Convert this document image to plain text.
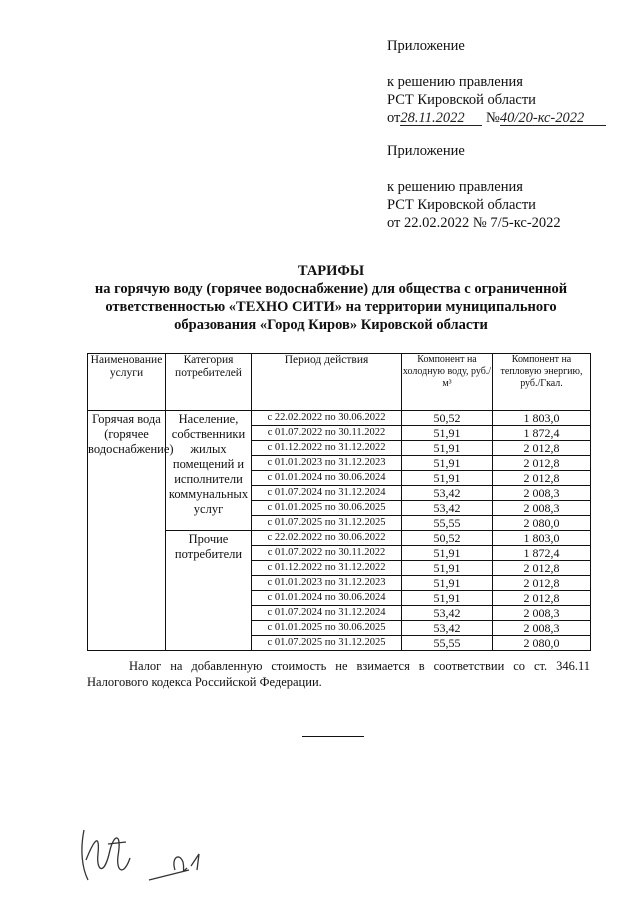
Приложение
к решению правления
РСТ Кировской области
от28.11.2022 №40/20-кс-2022
Приложение
к решению правления
РСТ Кировской области
от 22.02.2022 № 7/5-кс-2022
ТАРИФЫ
на горячую воду (горячее водоснабжение) для общества с ограниченной
ответственностью «ТЕХНО СИТИ» на территории муниципального
образования «Город Киров» Кировской области
Наименование услуги	Категория потребителей	Период действия	Компонент на холодную воду, руб./м³	Компонент на тепловую энергию, руб./Гкал.
Горячая вода (горячее водоснабжение)	Население, собственники жилых помещений и исполнители коммунальных услуг	с 22.02.2022 по 30.06.2022	50,52	1 803,0
		с 01.07.2022 по 30.11.2022	51,91	1 872,4
		с 01.12.2022 по 31.12.2022	51,91	2 012,8
		с 01.01.2023 по 31.12.2023	51,91	2 012,8
		с 01.01.2024 по 30.06.2024	51,91	2 012,8
		с 01.07.2024 по 31.12.2024	53,42	2 008,3
		с 01.01.2025 по 30.06.2025	53,42	2 008,3
		с 01.07.2025 по 31.12.2025	55,55	2 080,0
	Прочие потребители	с 22.02.2022 по 30.06.2022	50,52	1 803,0
		с 01.07.2022 по 30.11.2022	51,91	1 872,4
		с 01.12.2022 по 31.12.2022	51,91	2 012,8
		с 01.01.2023 по 31.12.2023	51,91	2 012,8
		с 01.01.2024 по 30.06.2024	51,91	2 012,8
		с 01.07.2024 по 31.12.2024	53,42	2 008,3
		с 01.01.2025 по 30.06.2025	53,42	2 008,3
		с 01.07.2025 по 31.12.2025	55,55	2 080,0
Налог на добавленную стоимость не взимается в соответствии со ст. 346.11
Налогового кодекса Российской Федерации.
